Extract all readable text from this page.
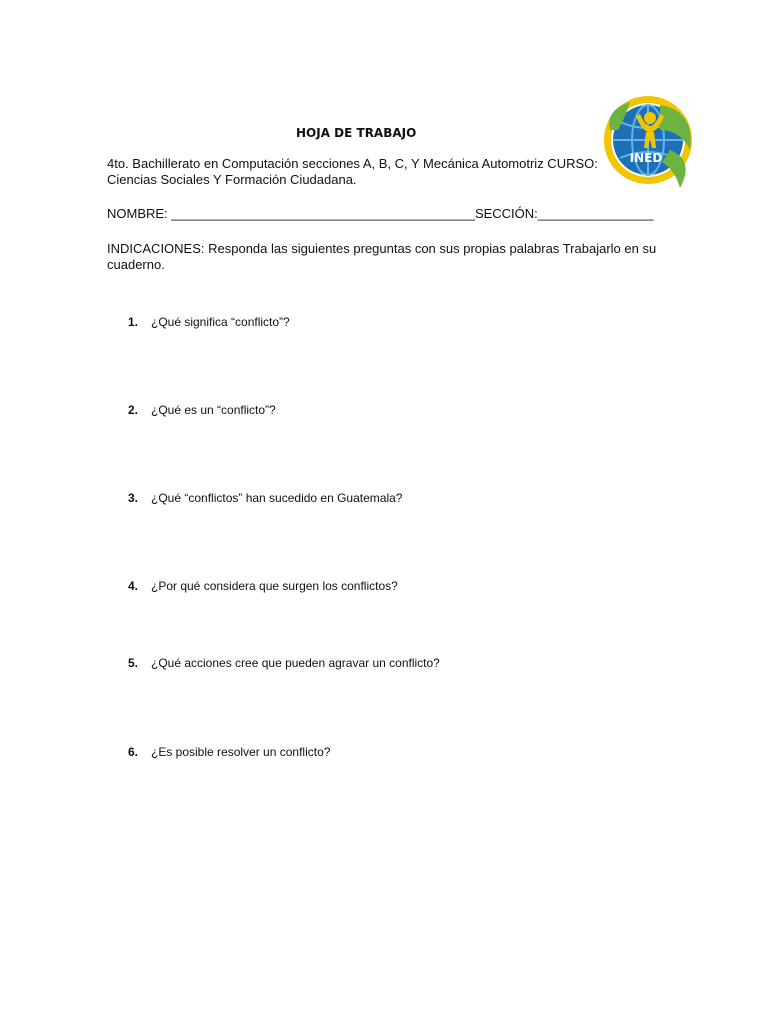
INED
HOJA DE TRABAJO
4to. Bachillerato en Computación secciones A, B, C, Y Mecánica Automotriz CURSO:
Ciencias Sociales Y Formación Ciudadana.
NOMBRE: __________________________________________SECCIÓN:________________
INDICACIONES: Responda las siguientes preguntas con sus propias palabras Trabajarlo en su
cuaderno.
1. ¿Qué significa “conflicto”?
2. ¿Qué es un “conflicto”?
3. ¿Qué “conflictos” han sucedido en Guatemala?
4. ¿Por qué considera que surgen los conflictos?
5. ¿Qué acciones cree que pueden agravar un conflicto?
6. ¿Es posible resolver un conflicto?
